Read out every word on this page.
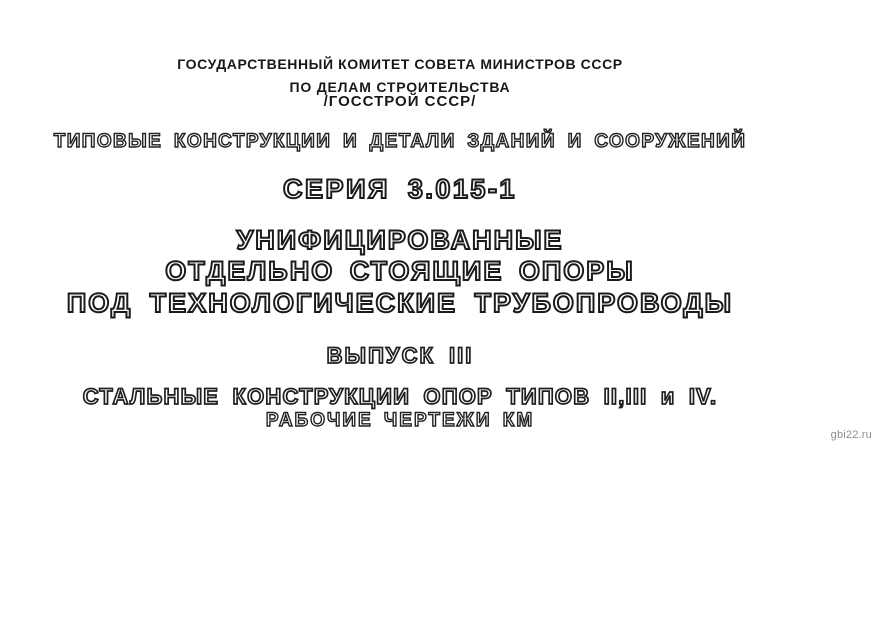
ГОСУДАРСТВЕННЫЙ КОМИТЕТ СОВЕТА МИНИСТРОВ СССР
ПО ДЕЛАМ СТРОИТЕЛЬСТВА
/ГОССТРОЙ СССР/
ТИПОВЫЕ КОНСТРУКЦИИ И ДЕТАЛИ ЗДАНИЙ И СООРУЖЕНИЙ
СЕРИЯ 3.015-1
УНИФИЦИРОВАННЫЕ
ОТДЕЛЬНО СТОЯЩИЕ ОПОРЫ
ПОД ТЕХНОЛОГИЧЕСКИЕ ТРУБОПРОВОДЫ
ВЫПУСК III
СТАЛЬНЫЕ КОНСТРУКЦИИ ОПОР ТИПОВ II,III и IV.
РАБОЧИЕ ЧЕРТЕЖИ КМ
gbi22.ru
